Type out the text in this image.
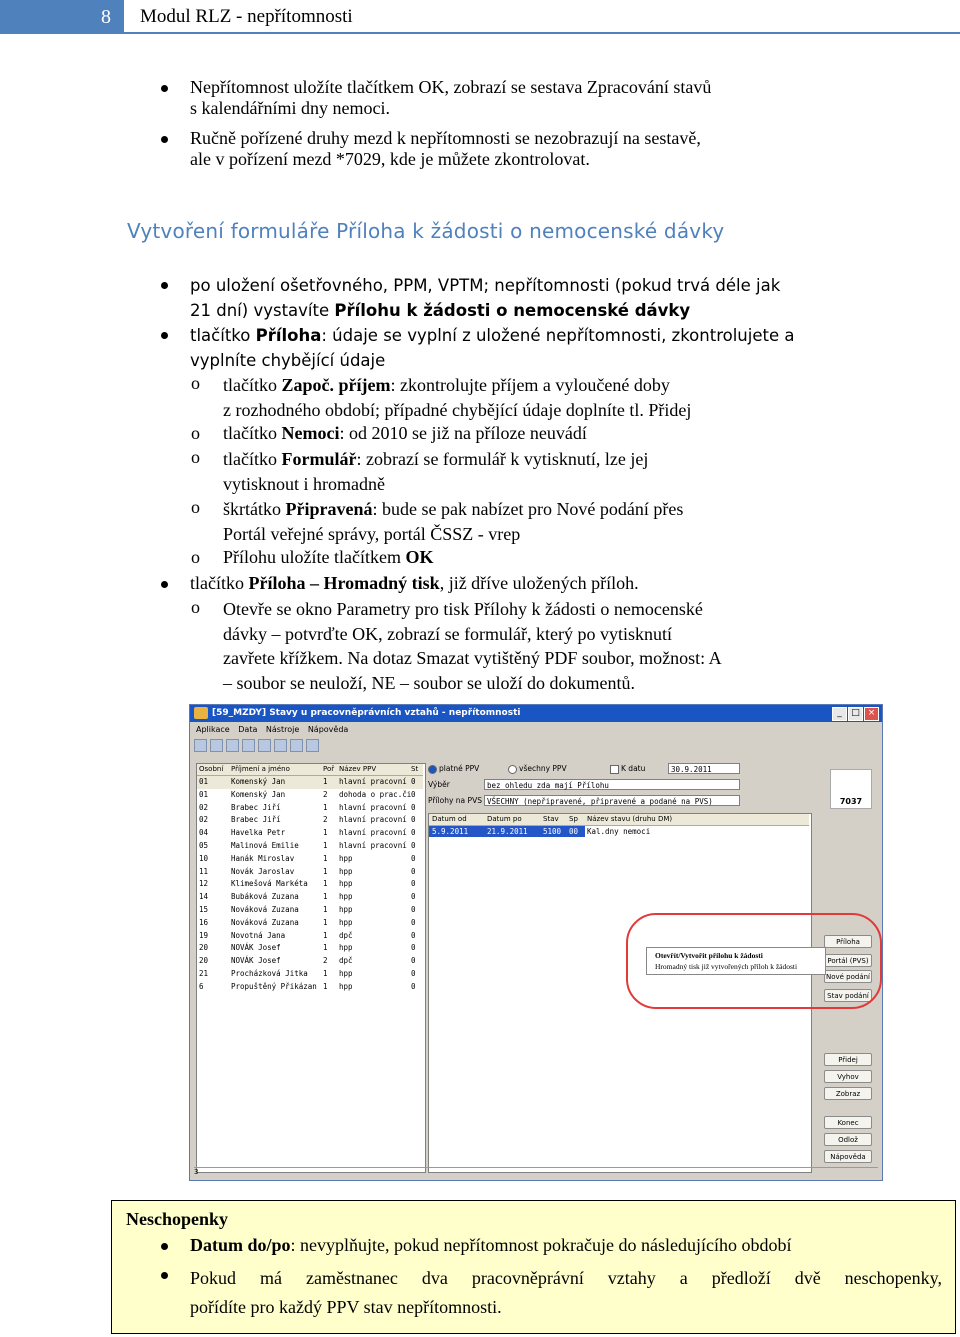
8	Modul RLZ - nepřítomnosti
Nepřítomnost uložíte tlačítkem OK, zobrazí se sestava Zpracování stavů
s kalendářními dny nemoci.
Ručně pořízené druhy mezd k nepřítomnosti se nezobrazují na sestavě,
ale v pořízení mezd *7029, kde je můžete zkontrolovat.
Vytvoření formuláře Příloha k žádosti o nemocenské dávky
po uložení ošetřovného, PPM, VPTM; nepřítomnosti (pokud trvá déle jak
21 dní) vystavíte Přílohu k žádosti o nemocenské dávky
tlačítko Příloha: údaje se vyplní z uložené nepřítomnosti, zkontrolujete a
vyplníte chybějící údaje
o tlačítko Započ. příjem: zkontrolujte příjem a vyloučené doby
z rozhodného období; případné chybějící údaje doplníte tl. Přidej
o tlačítko Nemoci: od 2010 se již na příloze neuvádí
o tlačítko Formulář: zobrazí se formulář k vytisknutí, lze jej
vytisknout i hromadně
o škrtátko Připravená: bude se pak nabízet pro Nové podání přes
Portál veřejné správy, portál ČSSZ - vrep
o Přílohu uložíte tlačítkem OK
tlačítko Příloha – Hromadný tisk, již dříve uložených příloh.
o Otevře se okno Parametry pro tisk Přílohy k žádosti o nemocenské
dávky – potvrďte OK, zobrazí se formulář, který po vytisknutí
zavřete křížkem. Na dotaz Smazat vytištěný PDF soubor, možnost: A
– soubor se neuloží, NE – soubor se uloží do dokumentů.
[59_MZDY] Stavy u pracovněprávních vztahů - nepřítomnosti	_	□ ×
Aplikace Data Nástroje Nápověda
Osobní Příjmení a jméno	Poř Název PPV	St
01	Komenský Jan	1 hlavní pracovní 0
01	Komenský Jan	2 dohoda o prac.či 0
02	Brabec Jiří	1 hlavní pracovní 0
02	Brabec Jiří	2 hlavní pracovní 0
04	Havelka Petr	1 hlavní pracovní 0
05	Malinová Emilie	1 hlavní pracovní 0
10	Hanák Miroslav	1 hpp	0
11	Novák Jaroslav	1 hpp	0
12	Klimešová Markéta 1 hpp	0
14	Bubáková Zuzana	1 hpp	0
15	Nováková Zuzana	1 hpp	0
16	Nováková Zuzana	1 hpp	0
19	Novotná Jana	1 dpč	0
20	NOVÁK Josef	1 hpp	0
20	NOVÁK Josef	2 dpč	0
21	Procházková Jitka 1 hpp	0
6	Propuštěný Přikázan 1 hpp	0
platné PPV	všechny PPV	K datu	30.9.2011
Výběr	bez ohledu zda mají Přílohu
Přílohy na PVS VŠECHNY (nepřipravené, připravené a podané na PVS)
Datum od	Datum po	Stav Sp Název stavu (druhu DM)
5.9.2011	21.9.2011 5100 00 Kal.dny nemoci
7037
Příloha
Portál (PVS)
Nové podání
Stav podání
Přidej
Vyhov
Zobraz
Konec
Odlož
Nápověda
3
Otevřít/Vytvořit přílohu k žádosti
Hromadný tisk již vytvořených příloh k žádosti
Neschopenky
Datum do/po: nevyplňujte, pokud nepřítomnost pokračuje do následujícího období
Pokud má zaměstnanec dva pracovněprávní vztahy a předloží dvě neschopenky,
pořídíte pro každý PPV stav nepřítomnosti.
